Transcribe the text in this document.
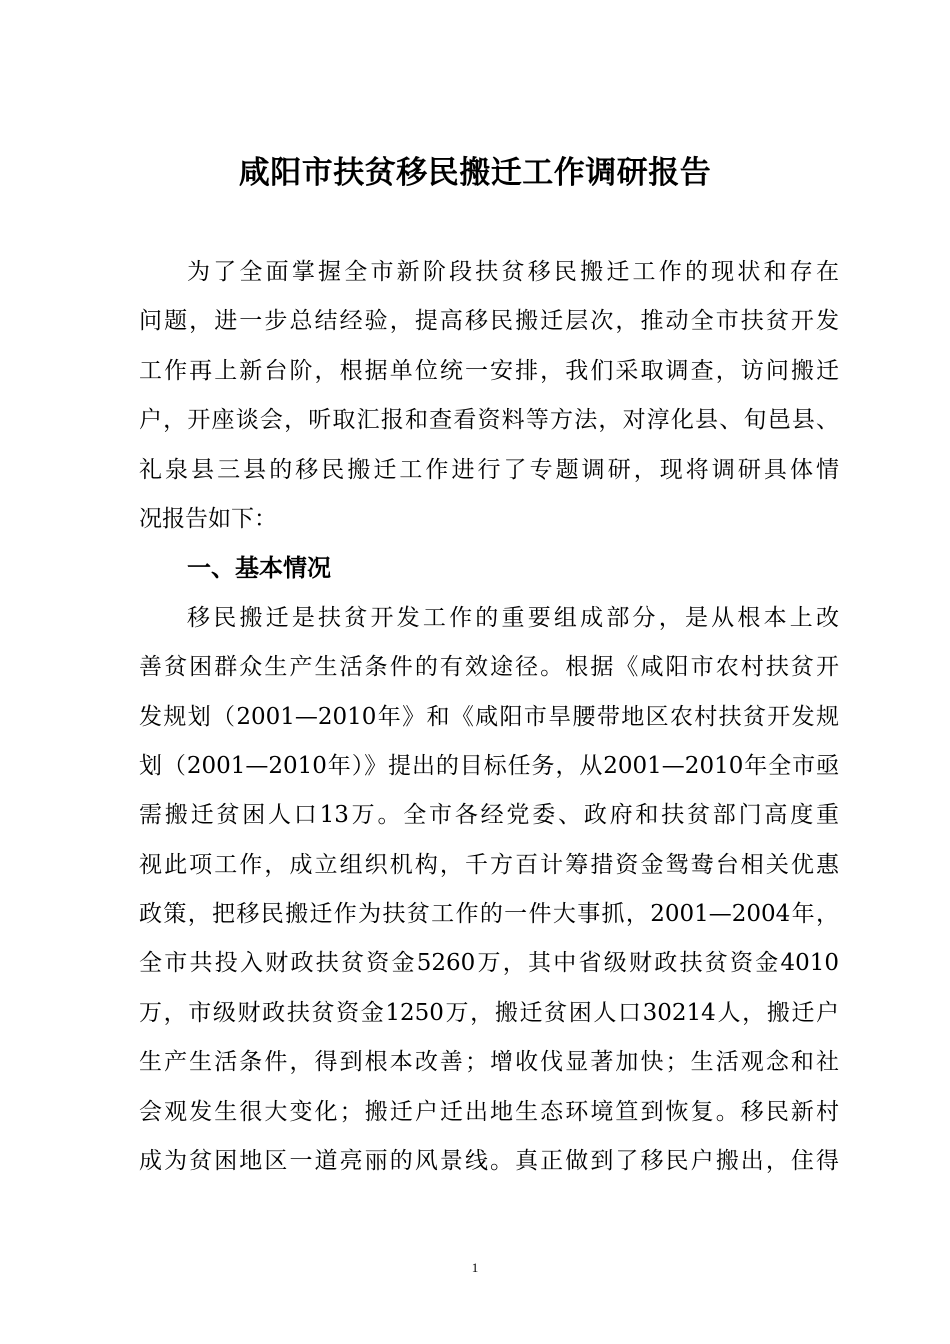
咸阳市扶贫移民搬迁工作调研报告
为了全面掌握全市新阶段扶贫移民搬迁工作的现状和存在
问题，进一步总结经验，提高移民搬迁层次，推动全市扶贫开发
工作再上新台阶，根据单位统一安排，我们采取调查，访问搬迁
户，开座谈会，听取汇报和查看资料等方法，对淳化县、旬邑县、
礼泉县三县的移民搬迁工作进行了专题调研，现将调研具体情
况报告如下：
一、基本情况
移民搬迁是扶贫开发工作的重要组成部分，是从根本上改
善贫困群众生产生活条件的有效途径。根据《咸阳市农村扶贫开
发规划（2001—2010年》和《咸阳市旱腰带地区农村扶贫开发规
划（2001—2010年）》提出的目标任务，从2001—2010年全市亟
需搬迁贫困人口13万。全市各经党委、政府和扶贫部门高度重
视此项工作，成立组织机构，千方百计筹措资金鸳鸯台相关优惠
政策，把移民搬迁作为扶贫工作的一件大事抓，2001—2004年，
全市共投入财政扶贫资金5260万，其中省级财政扶贫资金4010
万，市级财政扶贫资金1250万，搬迁贫困人口30214人，搬迁户
生产生活条件，得到根本改善；增收伐显著加快；生活观念和社
会观发生很大变化；搬迁户迁出地生态环境笪到恢复。移民新村
成为贫困地区一道亮丽的风景线。真正做到了移民户搬出，住得
1
